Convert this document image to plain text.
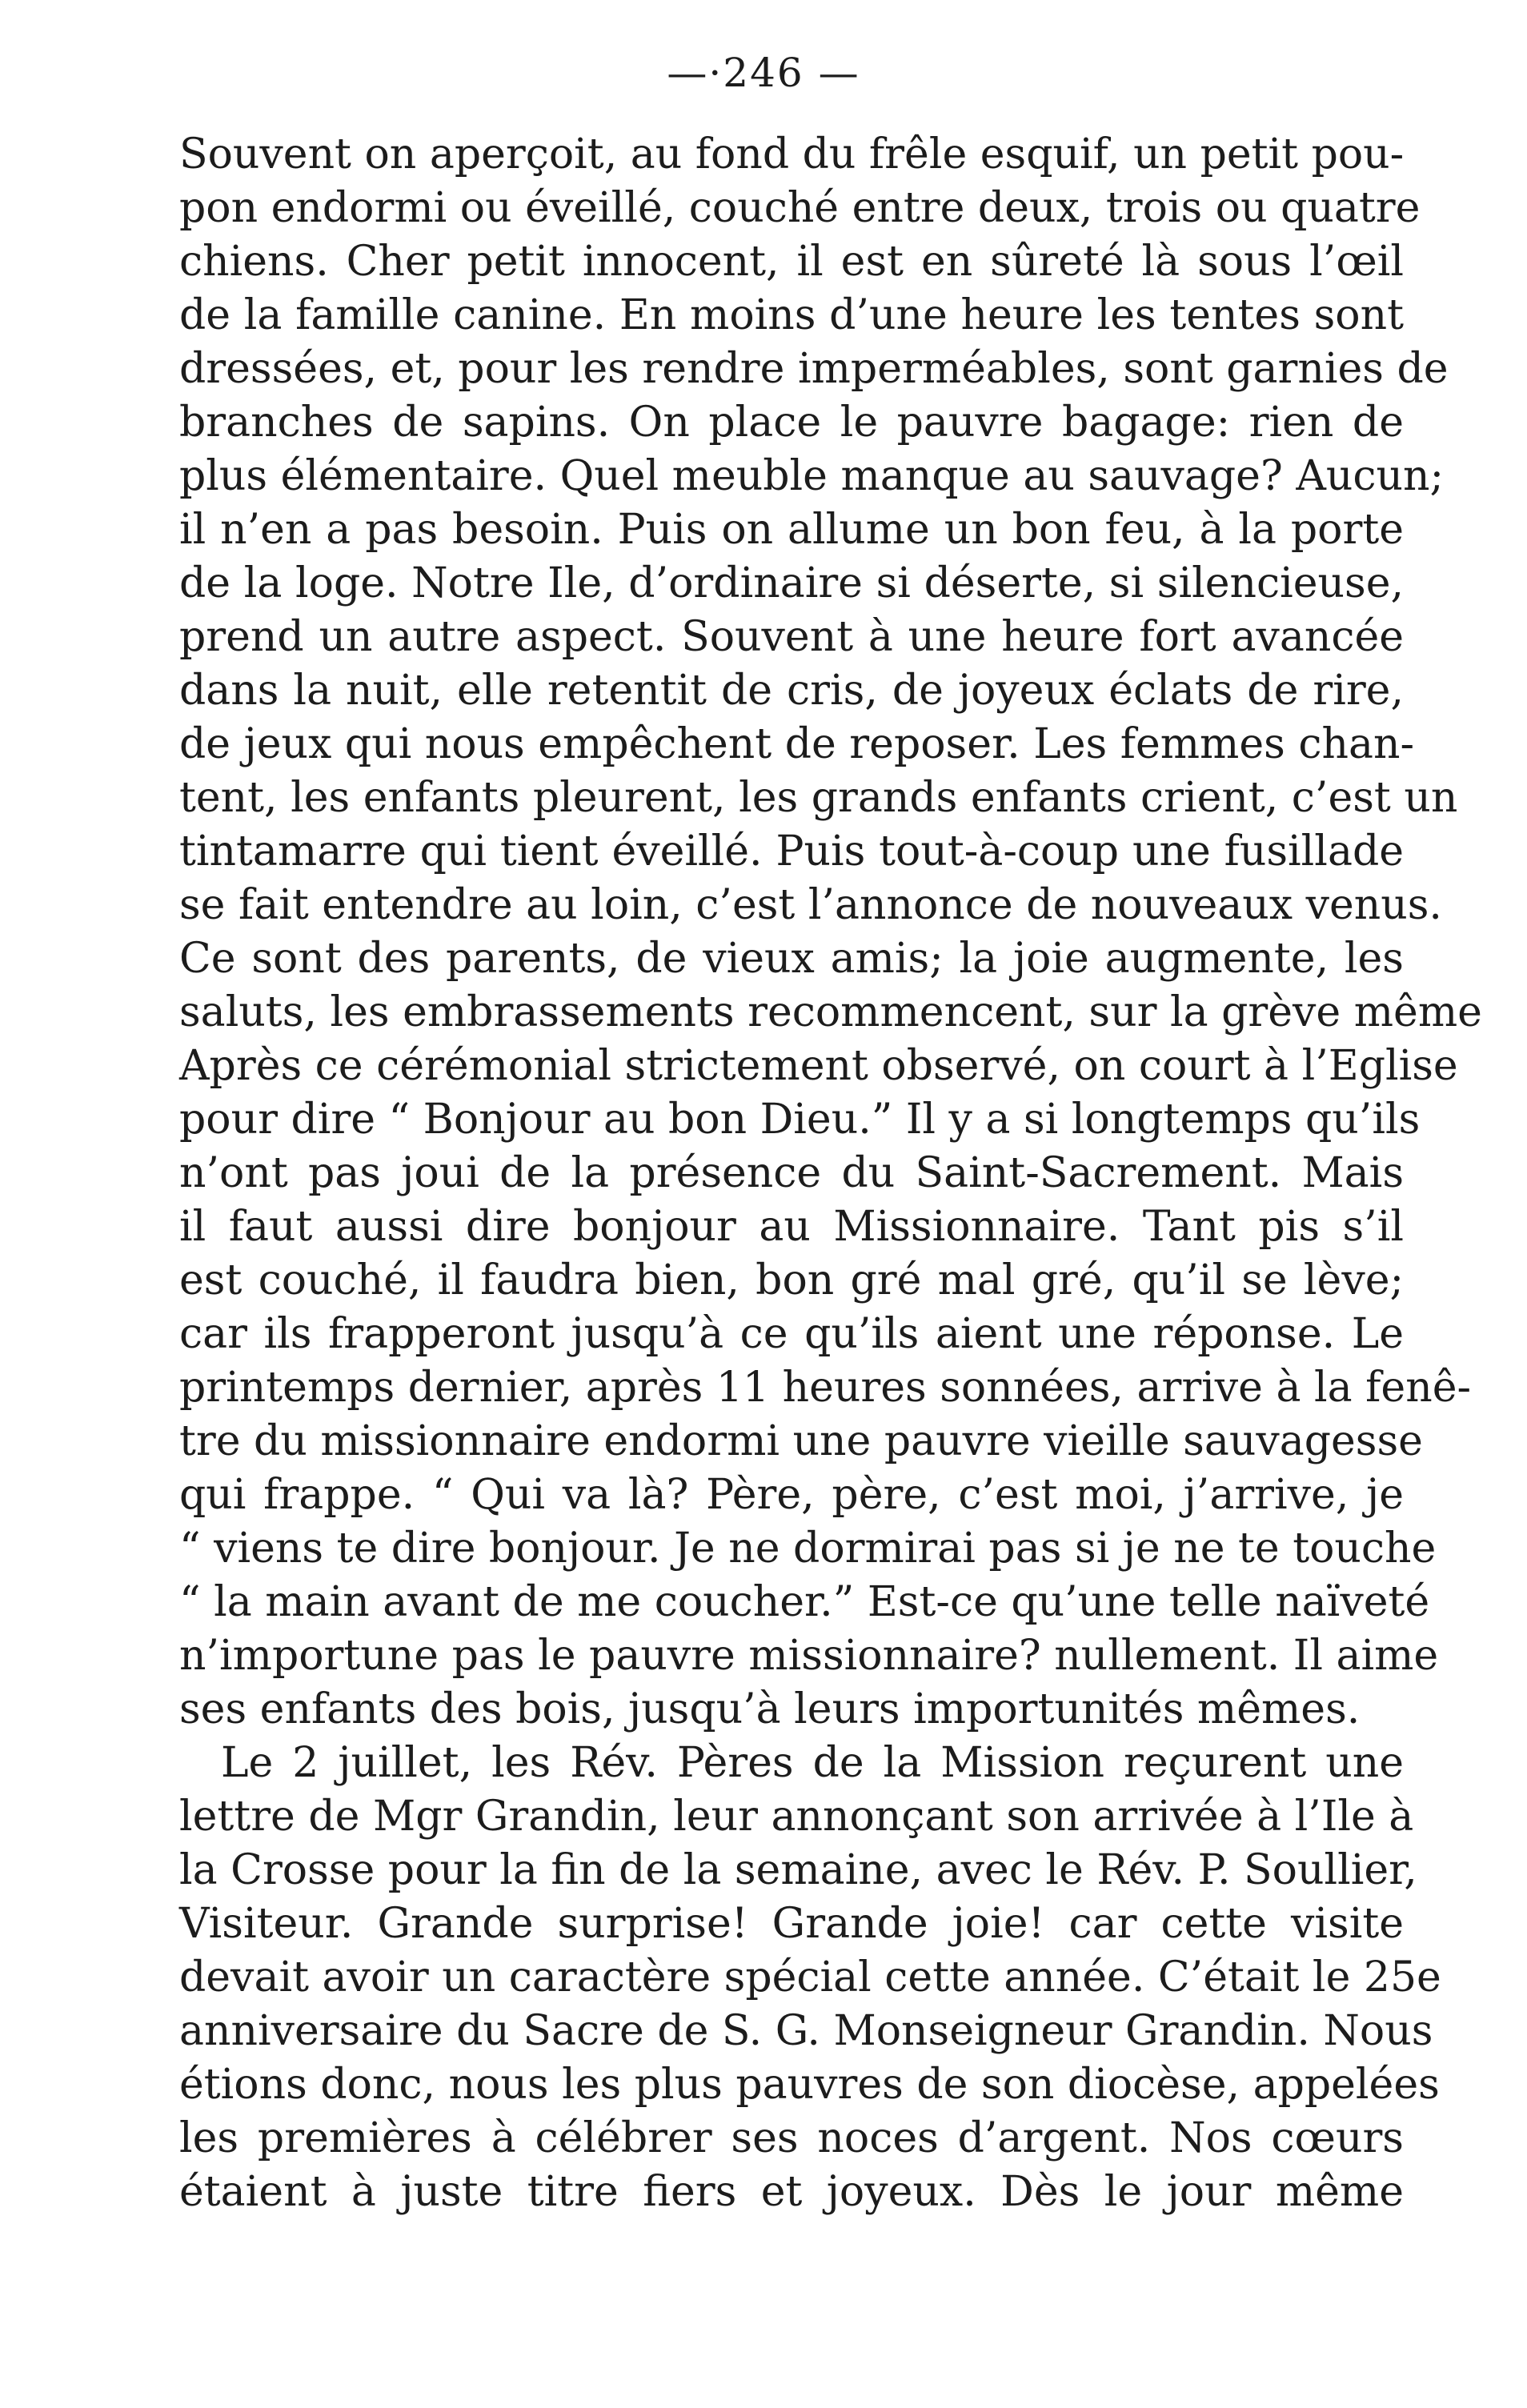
—·246 —
Souvent on aperçoit, au fond du frêle esquif, un petit pou-
pon endormi ou éveillé, couché entre deux, trois ou quatre
chiens. Cher petit innocent, il est en sûreté là sous l’œil
de la famille canine. En moins d’une heure les tentes sont
dressées, et, pour les rendre imperméables, sont garnies de
branches de sapins. On place le pauvre bagage: rien de
plus élémentaire. Quel meuble manque au sauvage? Aucun;
il n’en a pas besoin. Puis on allume un bon feu, à la porte
de la loge. Notre Ile, d’ordinaire si déserte, si silencieuse,
prend un autre aspect. Souvent à une heure fort avancée
dans la nuit, elle retentit de cris, de joyeux éclats de rire,
de jeux qui nous empêchent de reposer. Les femmes chan-
tent, les enfants pleurent, les grands enfants crient, c’est un
tintamarre qui tient éveillé. Puis tout-à-coup une fusillade
se fait entendre au loin, c’est l’annonce de nouveaux venus.
Ce sont des parents, de vieux amis; la joie augmente, les
saluts, les embrassements recommencent, sur la grève même
Après ce cérémonial strictement observé, on court à l’Eglise
pour dire “ Bonjour au bon Dieu.” Il y a si longtemps qu’ils
n’ont pas joui de la présence du Saint-Sacrement. Mais
il faut aussi dire bonjour au Missionnaire. Tant pis s’il
est couché, il faudra bien, bon gré mal gré, qu’il se lève;
car ils frapperont jusqu’à ce qu’ils aient une réponse. Le
printemps dernier, après 11 heures sonnées, arrive à la fenê-
tre du missionnaire endormi une pauvre vieille sauvagesse
qui frappe. “ Qui va là? Père, père, c’est moi, j’arrive, je
“ viens te dire bonjour. Je ne dormirai pas si je ne te touche
“ la main avant de me coucher.” Est-ce qu’une telle naïveté
n’importune pas le pauvre missionnaire? nullement. Il aime
ses enfants des bois, jusqu’à leurs importunités mêmes.
Le 2 juillet, les Rév. Pères de la Mission reçurent une
lettre de Mgr Grandin, leur annonçant son arrivée à l’Ile à
la Crosse pour la fin de la semaine, avec le Rév. P. Soullier,
Visiteur. Grande surprise! Grande joie! car cette visite
devait avoir un caractère spécial cette année. C’était le 25e
anniversaire du Sacre de S. G. Monseigneur Grandin. Nous
étions donc, nous les plus pauvres de son diocèse, appelées
les premières à célébrer ses noces d’argent. Nos cœurs
étaient à juste titre fiers et joyeux. Dès le jour même
